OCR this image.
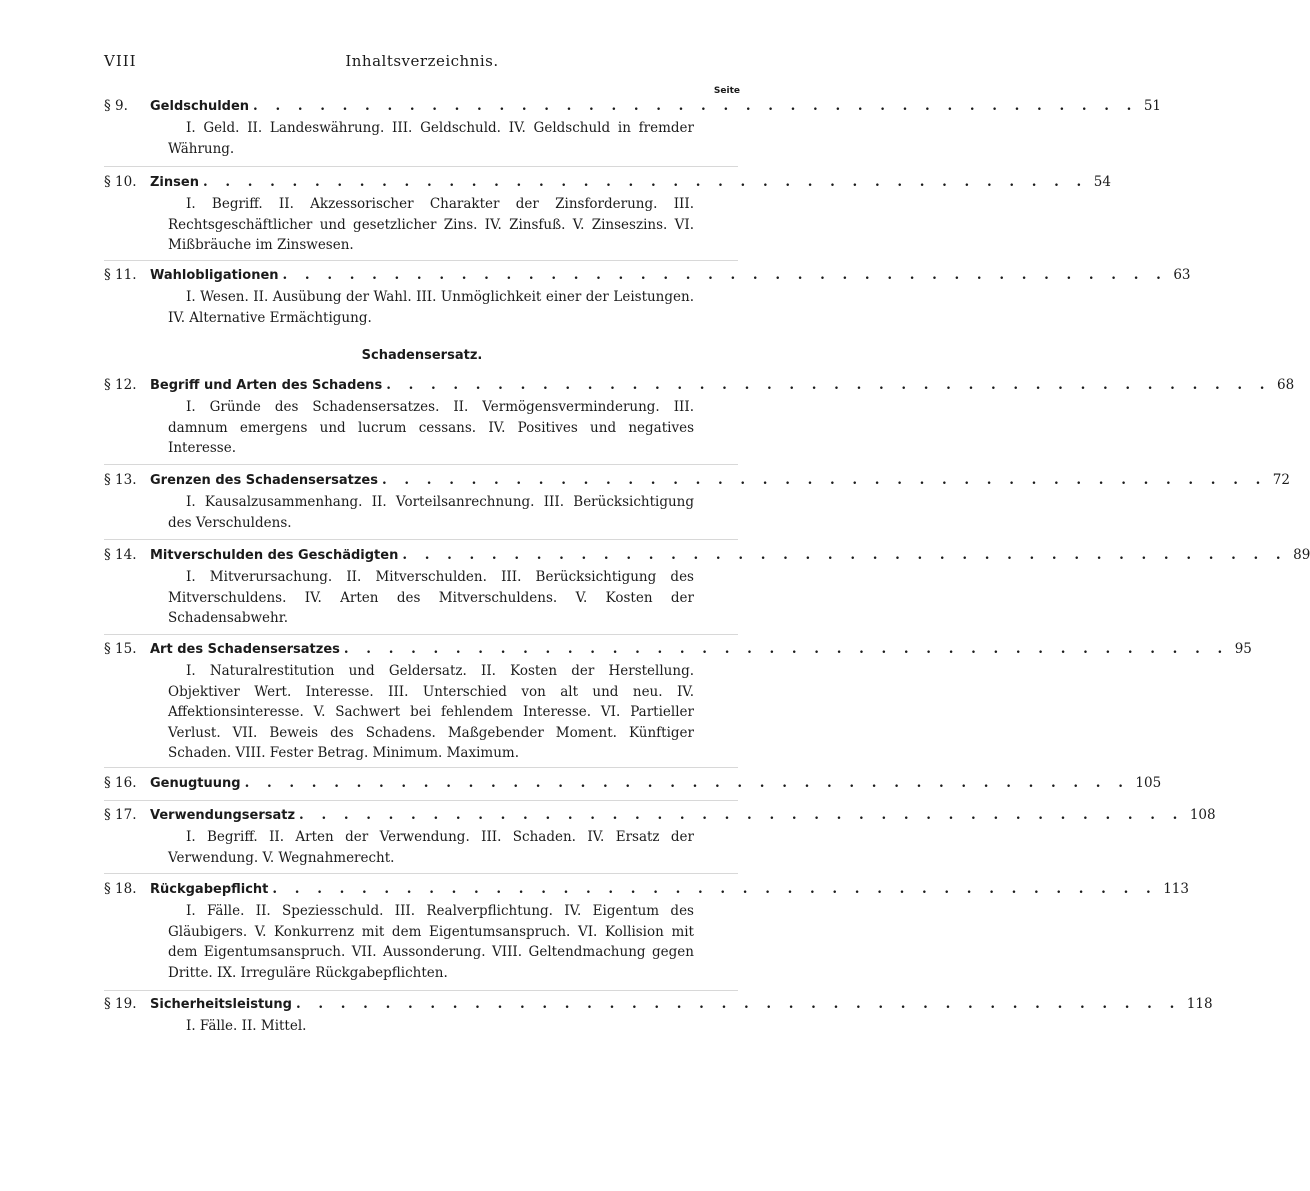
VIII	Inhaltsverzeichnis.
Seite
§ 9.	Geldschulden . . . . . . . . . . . . . . . . . . . . . . . . . . . . . . . . . . . . . . . . 51
I. Geld. II. Landeswährung. III. Geldschuld. IV. Geldschuld in fremder Währung.
§ 10.	Zinsen . . . . . . . . . . . . . . . . . . . . . . . . . . . . . . . . . . . . . . . . 54
I. Begriff. II. Akzessorischer Charakter der Zinsforderung. III. Rechtsgeschäftlicher und gesetzlicher Zins. IV. Zinsfuß. V. Zinseszins. VI. Mißbräuche im Zinswesen.
§ 11.	Wahlobligationen . . . . . . . . . . . . . . . . . . . . . . . . . . . . . . . . . . . . . . . . 63
I. Wesen. II. Ausübung der Wahl. III. Unmöglichkeit einer der Leistungen. IV. Alternative Ermächtigung.
Schadensersatz.
§ 12.	Begriff und Arten des Schadens . . . . . . . . . . . . . . . . . . . . . . . . . . . . . . . . . . . . . . . . 68
I. Gründe des Schadensersatzes. II. Vermögensverminderung. III. damnum emergens und lucrum cessans. IV. Positives und negatives Interesse.
§ 13.	Grenzen des Schadensersatzes . . . . . . . . . . . . . . . . . . . . . . . . . . . . . . . . . . . . . . . . 72
I. Kausalzusammenhang. II. Vorteilsanrechnung. III. Berücksichtigung des Verschuldens.
§ 14.	Mitverschulden des Geschädigten . . . . . . . . . . . . . . . . . . . . . . . . . . . . . . . . . . . . . . . . 89
I. Mitverursachung. II. Mitverschulden. III. Berücksichtigung des Mitverschuldens. IV. Arten des Mitverschuldens. V. Kosten der Schadensabwehr.
§ 15.	Art des Schadensersatzes . . . . . . . . . . . . . . . . . . . . . . . . . . . . . . . . . . . . . . . . 95
I. Naturalrestitution und Geldersatz. II. Kosten der Herstellung. Objektiver Wert. Interesse. III. Unterschied von alt und neu. IV. Affektionsinteresse. V. Sachwert bei fehlendem Interesse. VI. Partieller Verlust. VII. Beweis des Schadens. Maßgebender Moment. Künftiger Schaden. VIII. Fester Betrag. Minimum. Maximum.
§ 16.	Genugtuung . . . . . . . . . . . . . . . . . . . . . . . . . . . . . . . . . . . . . . . . 105
§ 17.	Verwendungsersatz . . . . . . . . . . . . . . . . . . . . . . . . . . . . . . . . . . . . . . . . 108
I. Begriff. II. Arten der Verwendung. III. Schaden. IV. Ersatz der Verwendung. V. Wegnahmerecht.
§ 18.	Rückgabepflicht . . . . . . . . . . . . . . . . . . . . . . . . . . . . . . . . . . . . . . . . 113
I. Fälle. II. Speziesschuld. III. Realverpflichtung. IV. Eigentum des Gläubigers. V. Konkurrenz mit dem Eigentumsanspruch. VI. Kollision mit dem Eigentumsanspruch. VII. Aussonderung. VIII. Geltendmachung gegen Dritte. IX. Irreguläre Rückgabepflichten.
§ 19.	Sicherheitsleistung . . . . . . . . . . . . . . . . . . . . . . . . . . . . . . . . . . . . . . . . 118
I. Fälle. II. Mittel.
